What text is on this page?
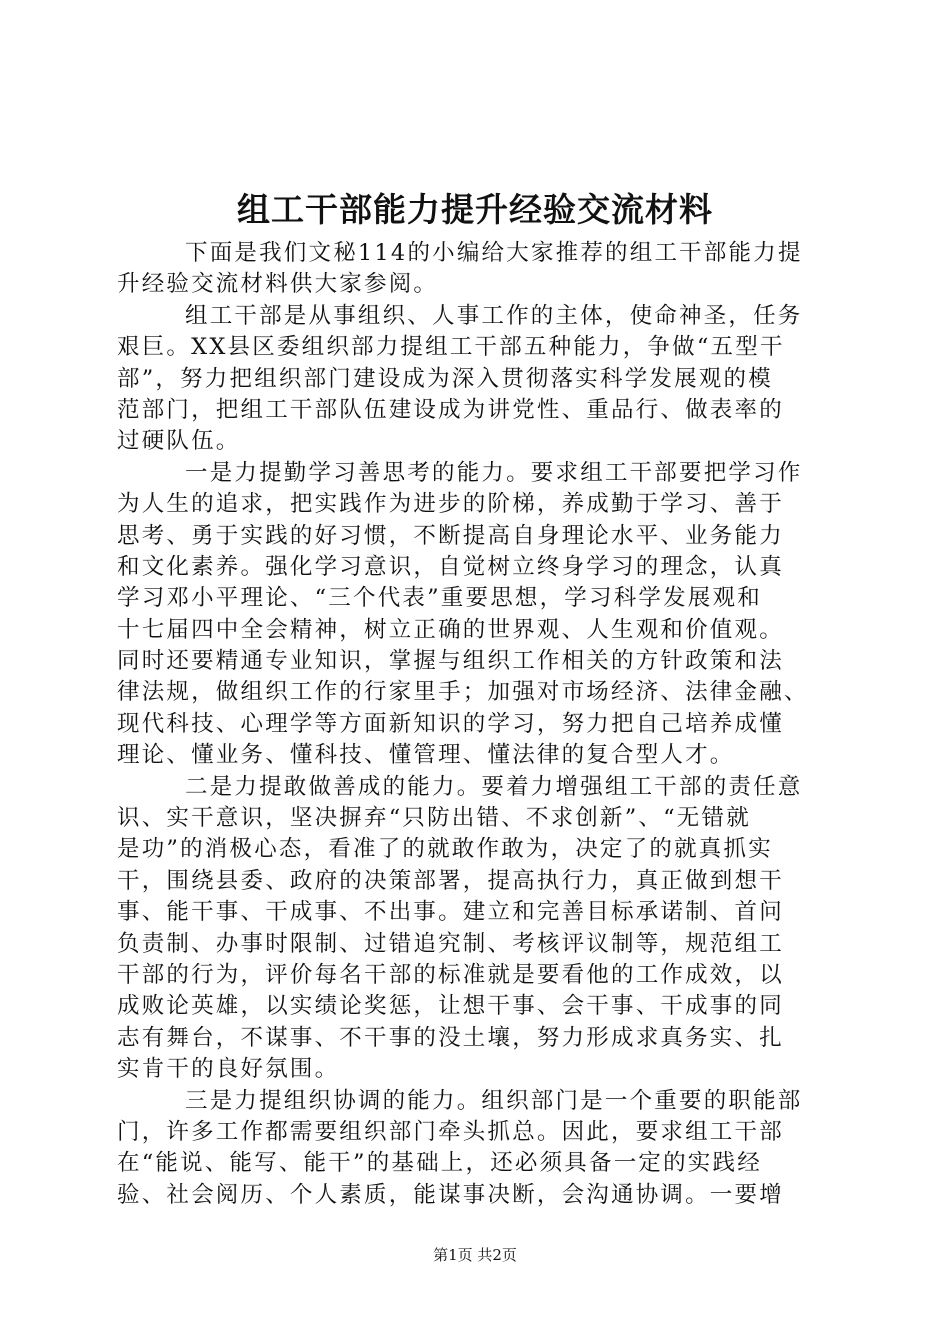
组工干部能力提升经验交流材料
下面是我们文秘114的小编给大家推荐的组工干部能力提
升经验交流材料供大家参阅。
组工干部是从事组织、人事工作的主体，使命神圣，任务
艰巨。XX县区委组织部力提组工干部五种能力，争做“五型干
部”，努力把组织部门建设成为深入贯彻落实科学发展观的模
范部门，把组工干部队伍建设成为讲党性、重品行、做表率的
过硬队伍。
一是力提勤学习善思考的能力。要求组工干部要把学习作
为人生的追求，把实践作为进步的阶梯，养成勤于学习、善于
思考、勇于实践的好习惯，不断提高自身理论水平、业务能力
和文化素养。强化学习意识，自觉树立终身学习的理念，认真
学习邓小平理论、“三个代表”重要思想，学习科学发展观和
十七届四中全会精神，树立正确的世界观、人生观和价值观。
同时还要精通专业知识，掌握与组织工作相关的方针政策和法
律法规，做组织工作的行家里手；加强对市场经济、法律金融、
现代科技、心理学等方面新知识的学习，努力把自己培养成懂
理论、懂业务、懂科技、懂管理、懂法律的复合型人才。
二是力提敢做善成的能力。要着力增强组工干部的责任意
识、实干意识，坚决摒弃“只防出错、不求创新”、“无错就
是功”的消极心态，看准了的就敢作敢为，决定了的就真抓实
干，围绕县委、政府的决策部署，提高执行力，真正做到想干
事、能干事、干成事、不出事。建立和完善目标承诺制、首问
负责制、办事时限制、过错追究制、考核评议制等，规范组工
干部的行为，评价每名干部的标准就是要看他的工作成效，以
成败论英雄，以实绩论奖惩，让想干事、会干事、干成事的同
志有舞台，不谋事、不干事的没土壤，努力形成求真务实、扎
实肯干的良好氛围。
三是力提组织协调的能力。组织部门是一个重要的职能部
门，许多工作都需要组织部门牵头抓总。因此，要求组工干部
在“能说、能写、能干”的基础上，还必须具备一定的实践经
验、社会阅历、个人素质，能谋事决断，会沟通协调。一要增
第1页 共2页
